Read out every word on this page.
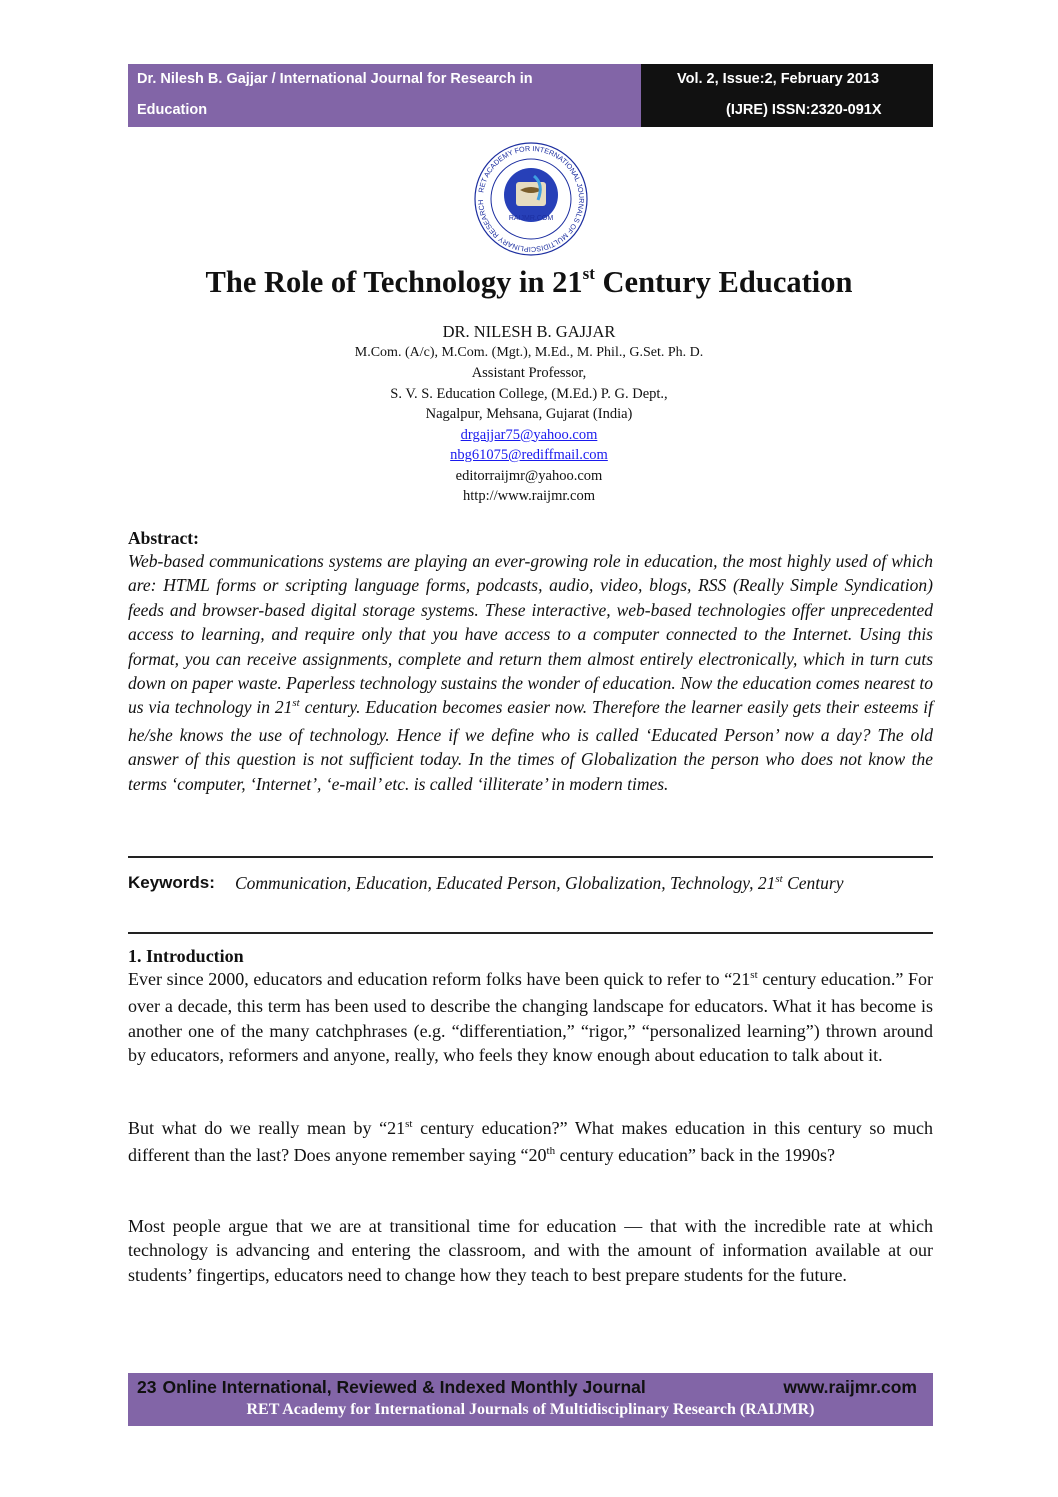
Dr. Nilesh B. Gajjar / International Journal for Research in
Education
Vol. 2, Issue:2, February 2013
(IJRE) ISSN:2320-091X
RET ACADEMY FOR INTERNATIONAL JOURNALS OF MULTIDISCIPLINARY RESEARCH
RAIJMR.COM
The Role of Technology in 21st Century Education
DR. NILESH B. GAJJAR
M.Com. (A/c), M.Com. (Mgt.), M.Ed., M. Phil., G.Set. Ph. D.
Assistant Professor,
S. V. S. Education College, (M.Ed.) P. G. Dept.,
Nagalpur, Mehsana, Gujarat (India)
drgajjar75@yahoo.com
nbg61075@rediffmail.com
editorraijmr@yahoo.com
http://www.raijmr.com
Abstract:
Web-based communications systems are playing an ever-growing role in education, the most highly used of which are: HTML forms or scripting language forms, podcasts, audio, video, blogs, RSS (Really Simple Syndication) feeds and browser-based digital storage systems. These interactive, web-based technologies offer unprecedented access to learning, and require only that you have access to a computer connected to the Internet. Using this format, you can receive assignments, complete and return them almost entirely electronically, which in turn cuts down on paper waste. Paperless technology sustains the wonder of education. Now the education comes nearest to us via technology in 21st century. Education becomes easier now. Therefore the learner easily gets their esteems if he/she knows the use of technology. Hence if we define who is called ‘Educated Person’ now a day? The old answer of this question is not sufficient today. In the times of Globalization the person who does not know the terms ‘computer, ‘Internet’, ‘e-mail’ etc. is called ‘illiterate’ in modern times.
Keywords: Communication, Education, Educated Person, Globalization, Technology, 21st Century
1. Introduction

Ever since 2000, educators and education reform folks have been quick to refer to “21st century education.” For over a decade, this term has been used to describe the changing landscape for educators. What it has become is another one of the many catchphrases (e.g. “differentiation,” “rigor,” “personalized learning”) thrown around by educators, reformers and anyone, really, who feels they know enough about education to talk about it.

But what do we really mean by “21st century education?” What makes education in this century so much different than the last? Does anyone remember saying “20th century education” back in the 1990s?

Most people argue that we are at transitional time for education — that with the incredible rate at which technology is advancing and entering the classroom, and with the amount of information available at our students’ fingertips, educators need to change how they teach to best prepare students for the future.

23 Online International, Reviewed & Indexed Monthly Journal	www.raijmr.com
RET Academy for International Journals of Multidisciplinary Research (RAIJMR)
